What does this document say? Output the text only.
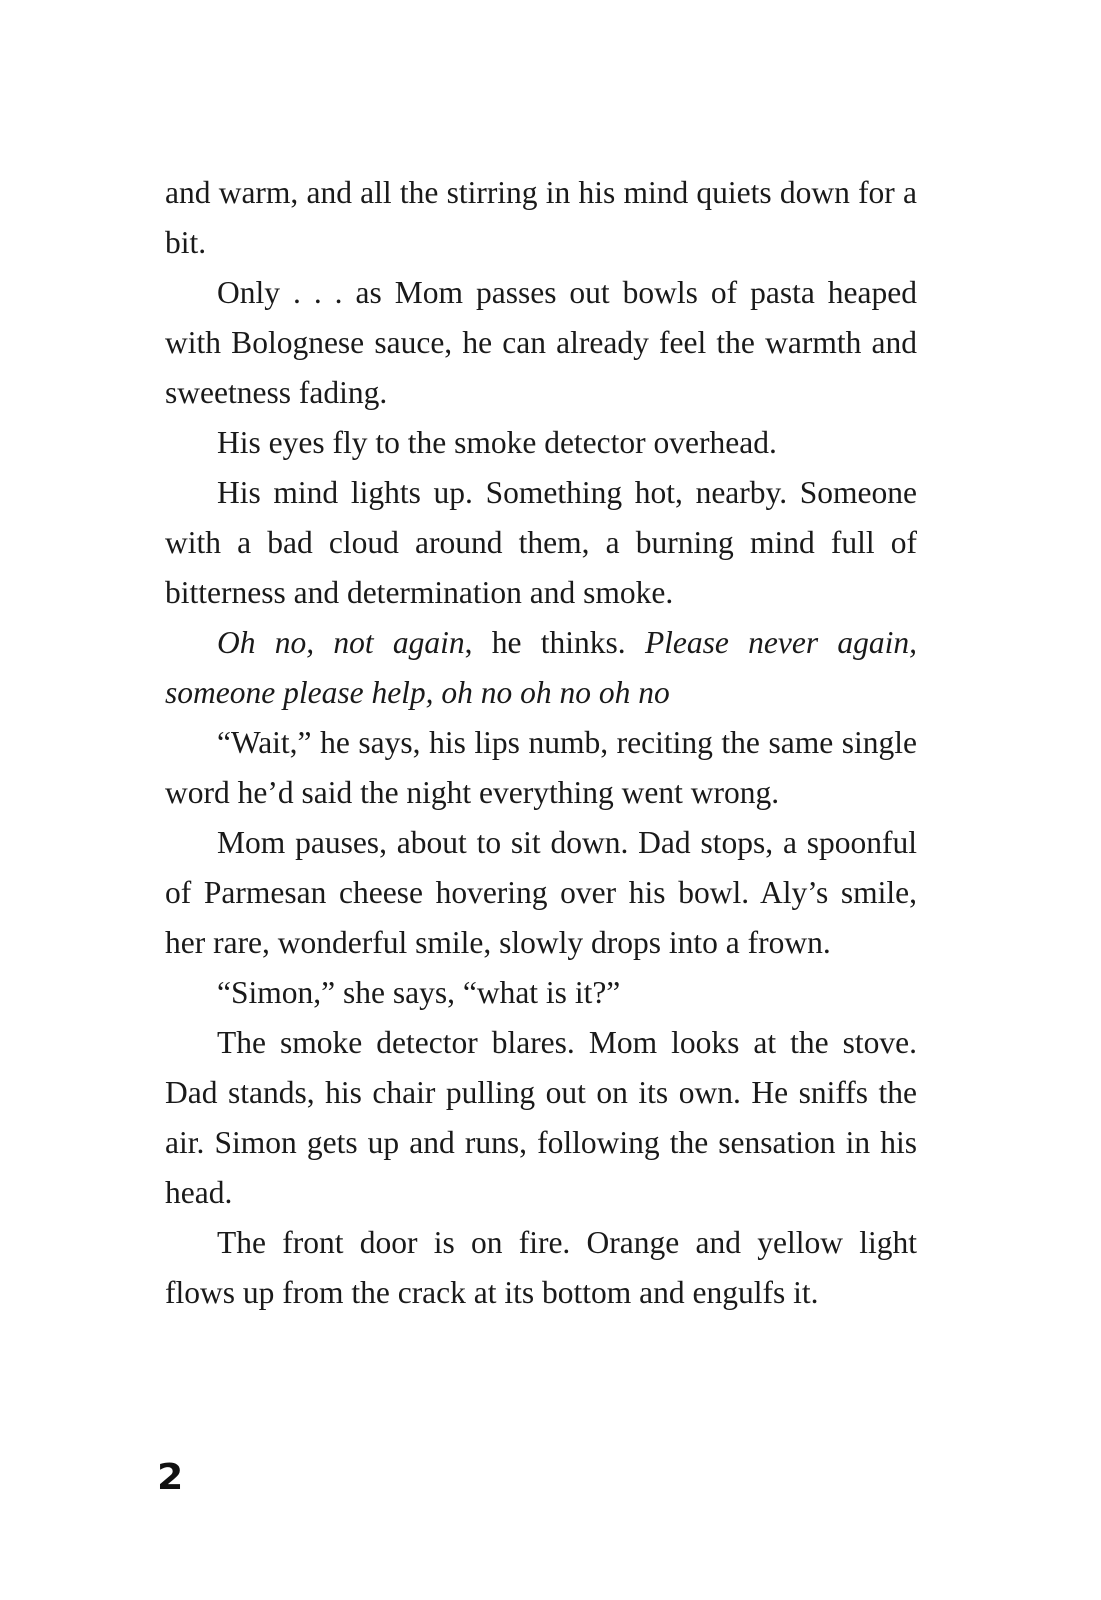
and warm, and all the stirring in his mind quiets down for a bit.

Only . . . as Mom passes out bowls of pasta heaped with Bolognese sauce, he can already feel the warmth and sweetness fading.

His eyes fly to the smoke detector overhead.

His mind lights up. Something hot, nearby. Someone with a bad cloud around them, a burning mind full of bitterness and determination and smoke.

Oh no, not again, he thinks. Please never again, someone please help, oh no oh no oh no

“Wait,” he says, his lips numb, reciting the same single word he’d said the night everything went wrong.

Mom pauses, about to sit down. Dad stops, a spoonful of Parmesan cheese hovering over his bowl. Aly’s smile, her rare, wonderful smile, slowly drops into a frown.

“Simon,” she says, “what is it?”

The smoke detector blares. Mom looks at the stove. Dad stands, his chair pulling out on its own. He sniffs the air. Simon gets up and runs, following the sensation in his head.

The front door is on fire. Orange and yellow light flows up from the crack at its bottom and engulfs it.

2
